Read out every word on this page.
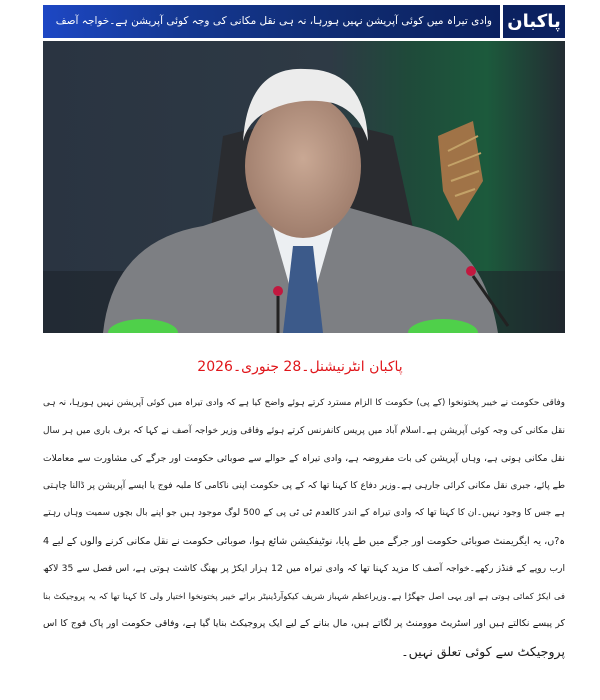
وادی تیراہ میں کوئی آپریشن نہیں ہورہا، نہ ہی نقل مکانی کی وجہ کوئی آپریشن ہے۔خواجہ آصف پاکبان
پاکبان انٹرنیشنل۔28 جنوری۔2026
وفاقی حکومت نے خیبر پختونخوا (کے پی) حکومت کا الزام مسترد کرتے ہوئے واضح کیا ہے کہ وادی تیراہ میں کوئی آپریشن نہیں ہورہا، نہ ہی
نقل مکانی کی وجہ کوئی آپریشن ہے۔اسلام آباد میں پریس کانفرنس کرتے ہوئے وفاقی وزیر خواجہ آصف نے کہا کہ برف باری میں ہر سال
نقل مکانی ہوتی ہے، وہاں آپریشن کی بات مفروضہ ہے، وادی تیراہ کے حوالے سے صوبائی حکومت اور جرگے کی مشاورت سے معاملات
طے پائے، جبری نقل مکانی کرائی جارہی ہے۔وزیر دفاع کا کہنا تھا کہ کے پی حکومت اپنی ناکامی کا ملبہ فوج یا ایسے آپریشن پر ڈالنا چاہتی
ہے جس کا وجود نہیں۔ان کا کہنا تھا کہ وادی تیراہ کے اندر کالعدم ٹی ٹی پی کے 500 لوگ موجود ہیں جو اپنے بال بچوں سمیت وہاں رہتے
ہ?ں، یہ ایگریمنٹ صوبائی حکومت اور جرگے میں طے پایا، نوٹیفکیشن شائع ہوا، صوبائی حکومت نے نقل مکانی کرنے والوں کے لیے 4
ارب روپے کے فنڈز رکھے۔خواجہ آصف کا مزید کہنا تھا کہ وادی تیراہ میں 12 ہزار ایکڑ پر بھنگ کاشت ہوتی ہے، اس فصل سے 35 لاکھ
فی ایکڑ کمائی ہوتی ہے اور یہی اصل جھگڑا ہے۔وزیراعظم شہباز شریف کیکوآرڈینیٹر برائے خیبر پختونخوا اختیار ولی کا کہنا تھا کہ یہ پروجیکٹ بنا
کر پیسے نکالتے ہیں اور اسٹریٹ موومنٹ پر لگاتے ہیں، مال بنانے کے لیے ایک پروجیکٹ بنایا گیا ہے، وفاقی حکومت اور پاک فوج کا اس
پروجیکٹ سے کوئی تعلق نہیں۔
